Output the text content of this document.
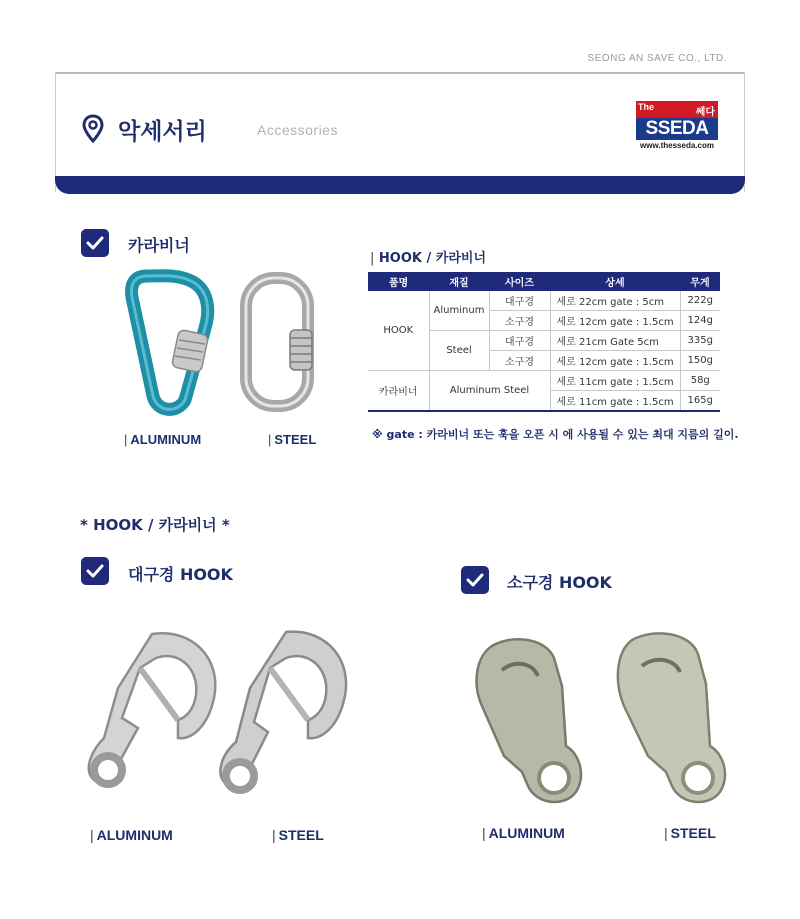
SEONG AN SAVE CO., LTD.
악세서리	Accessories
The	쎄다
SSEDA
www.thesseda.com
카라비너
| ALUMINUM	| STEEL
| HOOK / 카라비너
품명	재질	사이즈	상세	무게
HOOK	Aluminum	대구경	세로 22cm gate : 5cm	222g
		소구경	세로 12cm gate : 1.5cm	124g
	Steel	대구경	세로 21cm Gate 5cm	335g
		소구경	세로 12cm gate : 1.5cm	150g
카라비너	Aluminum Steel		세로 11cm gate : 1.5cm	58g
			세로 11cm gate : 1.5cm	165g
※ gate : 카라비너 또는 훅을 오픈 시 에 사용될 수 있는 최대 지름의 길이.
* HOOK / 카라비너 *
대구경 HOOK	소구경 HOOK
| ALUMINUM	| STEEL	| ALUMINUM	| STEEL
